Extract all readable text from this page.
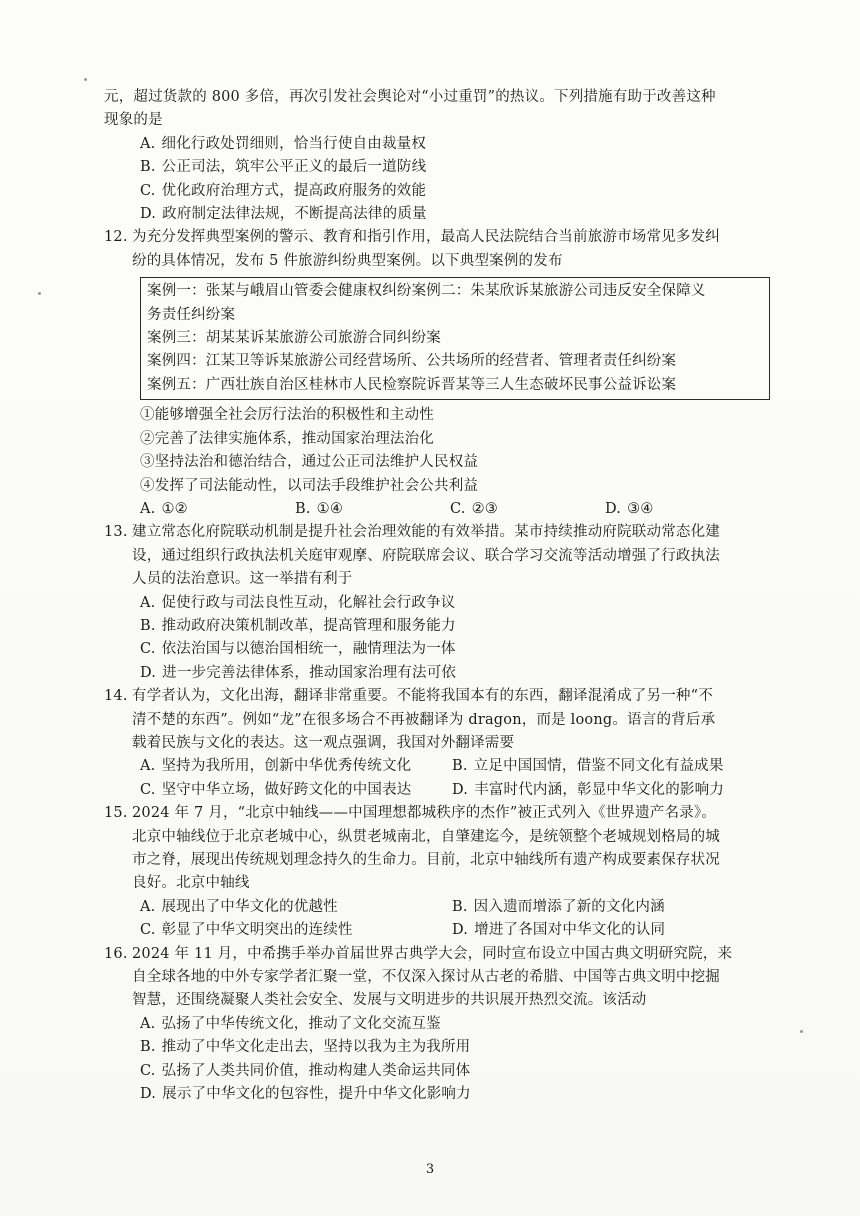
元，超过货款的 800 多倍，再次引发社会舆论对“小过重罚”的热议。下列措施有助于改善这种

现象的是

A. 细化行政处罚细则，恰当行使自由裁量权
B. 公正司法，筑牢公平正义的最后一道防线
C. 优化政府治理方式，提高政府服务的效能
D. 政府制定法律法规，不断提高法律的质量
12. 为充分发挥典型案例的警示、教育和指引作用，最高人民法院结合当前旅游市场常见多发纠

纷的具体情况，发布 5 件旅游纠纷典型案例。以下典型案例的发布

案例一：张某与峨眉山管委会健康权纠纷案例二：朱某欣诉某旅游公司违反安全保障义
务责任纠纷案
案例三：胡某某诉某旅游公司旅游合同纠纷案
案例四：江某卫等诉某旅游公司经营场所、公共场所的经营者、管理者责任纠纷案
案例五：广西壮族自治区桂林市人民检察院诉晋某等三人生态破坏民事公益诉讼案
①能够增强全社会厉行法治的积极性和主动性
②完善了法律实施体系，推动国家治理法治化
③坚持法治和德治结合，通过公正司法维护人民权益
④发挥了司法能动性，以司法手段维护社会公共利益
A. ①②	B. ①④	C. ②③	D. ③④
13. 建立常态化府院联动机制是提升社会治理效能的有效举措。某市持续推动府院联动常态化建

设，通过组织行政执法机关庭审观摩、府院联席会议、联合学习交流等活动增强了行政执法

人员的法治意识。这一举措有利于

A. 促使行政与司法良性互动，化解社会行政争议
B. 推动政府决策机制改革，提高管理和服务能力
C. 依法治国与以德治国相统一，融情理法为一体
D. 进一步完善法律体系，推动国家治理有法可依
14. 有学者认为，文化出海，翻译非常重要。不能将我国本有的东西，翻译混淆成了另一种“不

清不楚的东西”。例如“龙”在很多场合不再被翻译为 dragon，而是 loong。语言的背后承

载着民族与文化的表达。这一观点强调，我国对外翻译需要

A. 坚持为我所用，创新中华优秀传统文化	B. 立足中国国情，借鉴不同文化有益成果
C. 坚守中华立场，做好跨文化的中国表达	D. 丰富时代内涵，彰显中华文化的影响力
15. 2024 年 7 月，“北京中轴线——中国理想都城秩序的杰作”被正式列入《世界遗产名录》。

北京中轴线位于北京老城中心，纵贯老城南北，自肇建迄今，是统领整个老城规划格局的城

市之脊，展现出传统规划理念持久的生命力。目前，北京中轴线所有遗产构成要素保存状况

良好。北京中轴线

A. 展现出了中华文化的优越性	B. 因入遗而增添了新的文化内涵
C. 彰显了中华文明突出的连续性	D. 增进了各国对中华文化的认同
16. 2024 年 11 月，中希携手举办首届世界古典学大会，同时宣布设立中国古典文明研究院，来

自全球各地的中外专家学者汇聚一堂，不仅深入探讨从古老的希腊、中国等古典文明中挖掘

智慧，还围绕凝聚人类社会安全、发展与文明进步的共识展开热烈交流。该活动

A. 弘扬了中华传统文化，推动了文化交流互鉴
B. 推动了中华文化走出去，坚持以我为主为我所用
C. 弘扬了人类共同价值，推动构建人类命运共同体
D. 展示了中华文化的包容性，提升中华文化影响力
3
